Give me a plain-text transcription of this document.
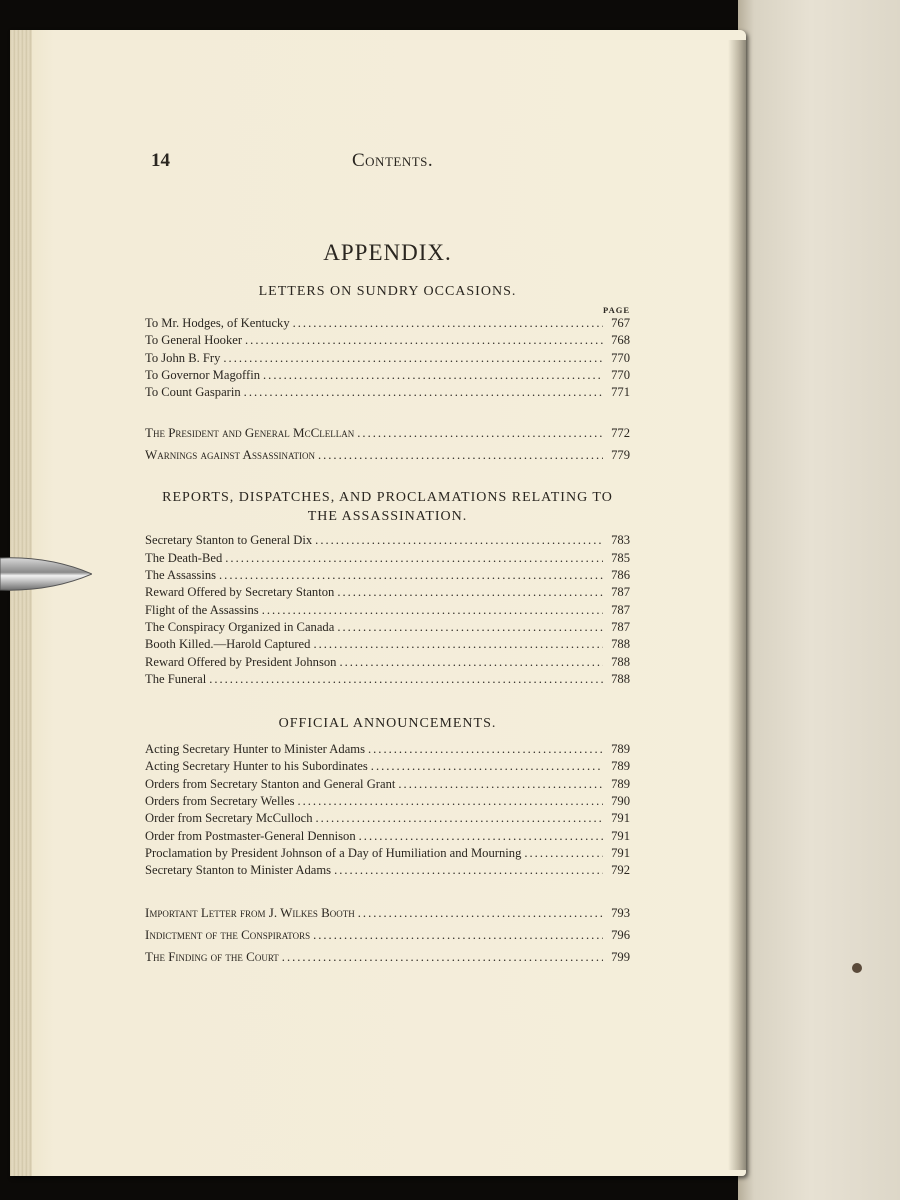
14	Contents.
APPENDIX.
LETTERS ON SUNDRY OCCASIONS.
PAGE
To Mr. Hodges, of Kentucky .....	767
To General Hooker .....	768
To John B. Fry .....	770
To Governor Magoffin .....	770
To Count Gasparin .....	771
The President and General McClellan .....	772
Warnings against Assassination .....	779
REPORTS, DISPATCHES, AND PROCLAMATIONS RELATING TO
THE ASSASSINATION.
Secretary Stanton to General Dix .....	783
The Death-Bed .....	785
The Assassins .....	786
Reward Offered by Secretary Stanton .....	787
Flight of the Assassins .....	787
The Conspiracy Organized in Canada .....	787
Booth Killed.—Harold Captured .....	788
Reward Offered by President Johnson .....	788
The Funeral .....	788
OFFICIAL ANNOUNCEMENTS.
Acting Secretary Hunter to Minister Adams .....	789
Acting Secretary Hunter to his Subordinates .....	789
Orders from Secretary Stanton and General Grant .....	789
Orders from Secretary Welles .....	790
Order from Secretary McCulloch .....	791
Order from Postmaster-General Dennison .....	791
Proclamation by President Johnson of a Day of Humiliation and Mourning .....	791
Secretary Stanton to Minister Adams .....	792
Important Letter from J. Wilkes Booth .....	793
Indictment of the Conspirators .....	796
The Finding of the Court .....	799
